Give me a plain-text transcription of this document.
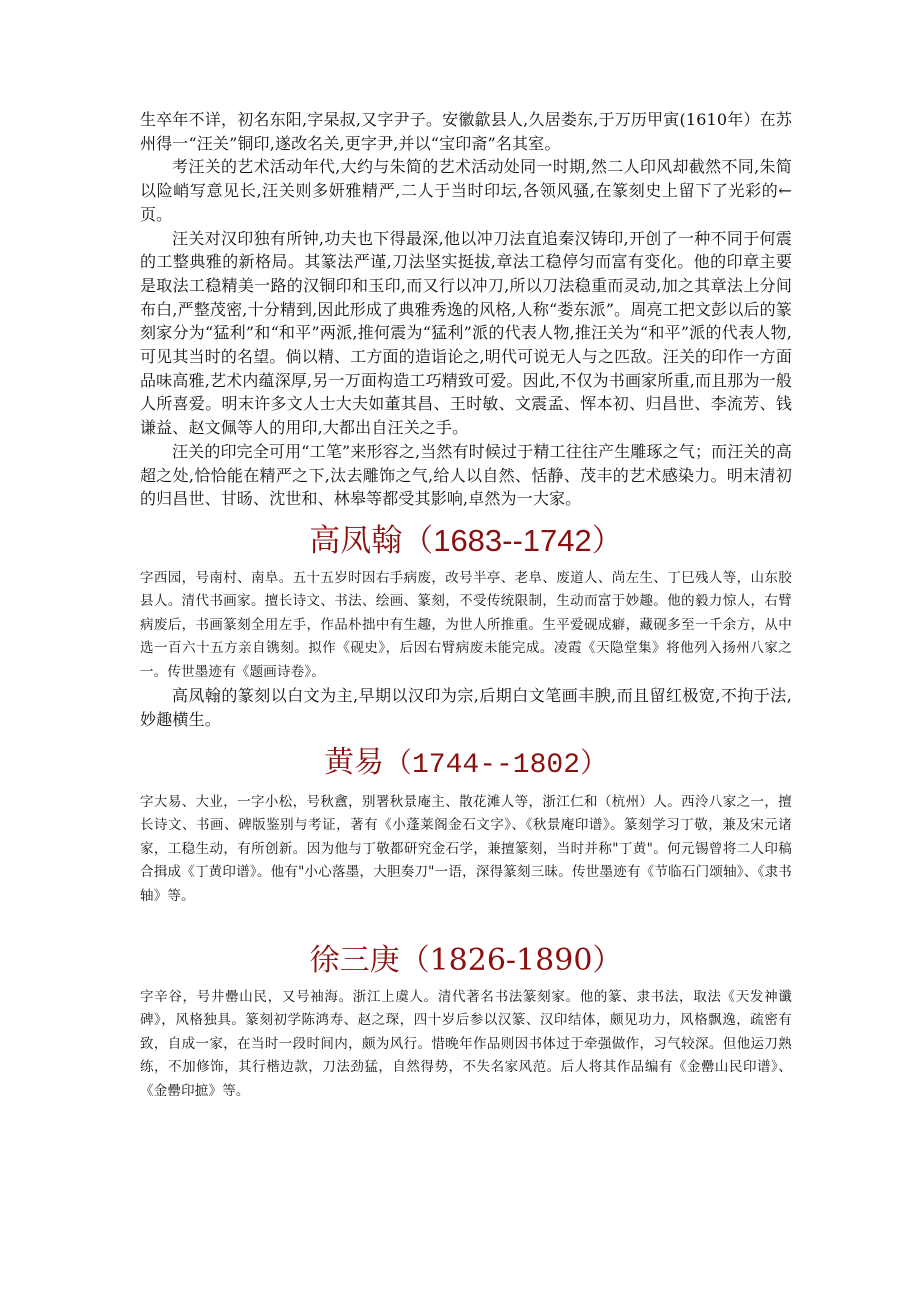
生卒年不详，初名东阳,字杲叔,又字尹子。安徽歙县人,久居娄东,于万历甲寅(1610年）在苏州得一“汪关”铜印,遂改名关,更字尹,并以“宝印斋”名其室。

考汪关的艺术活动年代,大约与朱简的艺术活动处同一时期,然二人印风却截然不同,朱简以险峭写意见长,汪关则多妍雅精严,二人于当时印坛,各领风骚,在篆刻史上留下了光彩的←页。

汪关对汉印独有所钟,功夫也下得最深,他以冲刀法直追秦汉铸印,开创了一种不同于何震的工整典雅的新格局。其篆法严谨,刀法坚实挺拔,章法工稳停匀而富有变化。他的印章主要是取法工稳精美一路的汉铜印和玉印,而又行以冲刀,所以刀法稳重而灵动,加之其章法上分间布白,严整茂密,十分精到,因此形成了典雅秀逸的风格,人称“娄东派”。周亮工把文彭以后的篆刻家分为“猛利”和“和平”两派,推何震为“猛利”派的代表人物,推汪关为“和平”派的代表人物,可见其当时的名望。倘以精、工方面的造诣论之,明代可说无人与之匹敌。汪关的印作一方面品味高雅,艺术内蕴深厚,另一万面构造工巧精致可爱。因此,不仅为书画家所重,而且那为一般人所喜爱。明末许多文人士大夫如董其昌、王时敏、文震孟、恽本初、归昌世、李流芳、钱谦益、赵文佩等人的用印,大都出自汪关之手。

汪关的印完全可用“工笔”来形容之,当然有时候过于精工往往产生雕琢之气；而汪关的高超之处,恰恰能在精严之下,汰去雕饰之气,给人以自然、恬静、茂丰的艺术感染力。明末清初的归昌世、甘旸、沈世和、林皋等都受其影响,卓然为一大家。

高凤翰（1683--1742）

字西园，号南村、南阜。五十五岁时因右手病废，改号半亭、老阜、废道人、尚左生、丁巳残人等，山东胶县人。清代书画家。擅长诗文、书法、绘画、篆刻，不受传统限制，生动而富于妙趣。他的毅力惊人，右臂病废后，书画篆刻全用左手，作品朴拙中有生趣，为世人所推重。生平爱砚成癖，藏砚多至一千余方，从中选一百六十五方亲自镌刻。拟作《砚史》，后因右臂病废未能完成。凌霞《天隐堂集》将他列入扬州八家之一。传世墨迹有《题画诗卷》。

高凤翰的篆刻以白文为主,早期以汉印为宗,后期白文笔画丰腴,而且留红极宽,不拘于法,妙趣横生。

黄易（1744--1802）

字大易、大业，一字小松，号秋盦，别署秋景庵主、散花滩人等，浙江仁和（杭州）人。西泠八家之一，擅长诗文、书画、碑版鉴别与考证，著有《小蓬莱阁金石文字》、《秋景庵印谱》。篆刻学习丁敬，兼及宋元诸家，工稳生动，有所创新。因为他与丁敬都研究金石学，兼擅篆刻，当时并称"丁黄"。何元锡曾将二人印稿合揖成《丁黄印谱》。他有"小心落墨，大胆奏刀"一语，深得篆刻三昧。传世墨迹有《节临石门颂轴》、《隶书轴》等。

徐三庚（1826-1890）

字辛谷，号井罍山民，又号袖海。浙江上虞人。清代著名书法篆刻家。他的篆、隶书法，取法《天发神谶碑》，风格独具。篆刻初学陈鸿寿、赵之琛，四十岁后参以汉篆、汉印结体，颇见功力，风格飘逸，疏密有致，自成一家，在当时一段时间内，颇为风行。惜晚年作品则因书体过于牵强做作，习气较深。但他运刀熟练，不加修饰，其行楷边款，刀法劲猛，自然得势，不失名家风范。后人将其作品编有《金罍山民印谱》、《金罍印摭》等。
